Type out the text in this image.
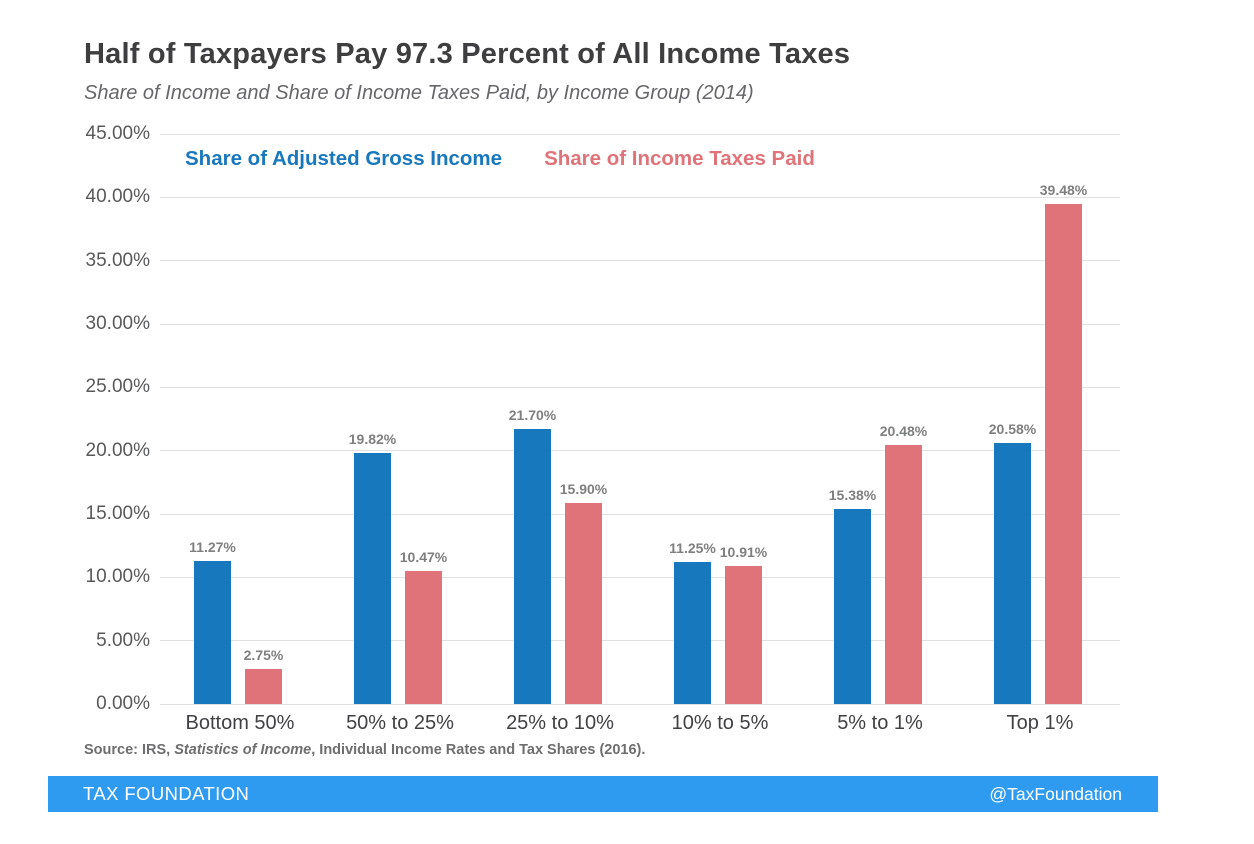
Half of Taxpayers Pay 97.3 Percent of All Income Taxes
Share of Income and Share of Income Taxes Paid, by Income Group (2014)
Share of Adjusted Gross Income Share of Income Taxes Paid
0.00%
5.00%
10.00%
15.00%
20.00%
25.00%
30.00%
35.00%
40.00%
45.00%
11.27%
2.75%
19.82%
10.47%
21.70%
15.90%
11.25% 10.91%
15.38%
20.48%	20.58%
39.48%
Bottom 50%	50% to 25%	25% to 10%	10% to 5%	5% to 1%	Top 1%
Source: IRS, Statistics of Income, Individual Income Rates and Tax Shares (2016).
TAX FOUNDATION	@TaxFoundation
